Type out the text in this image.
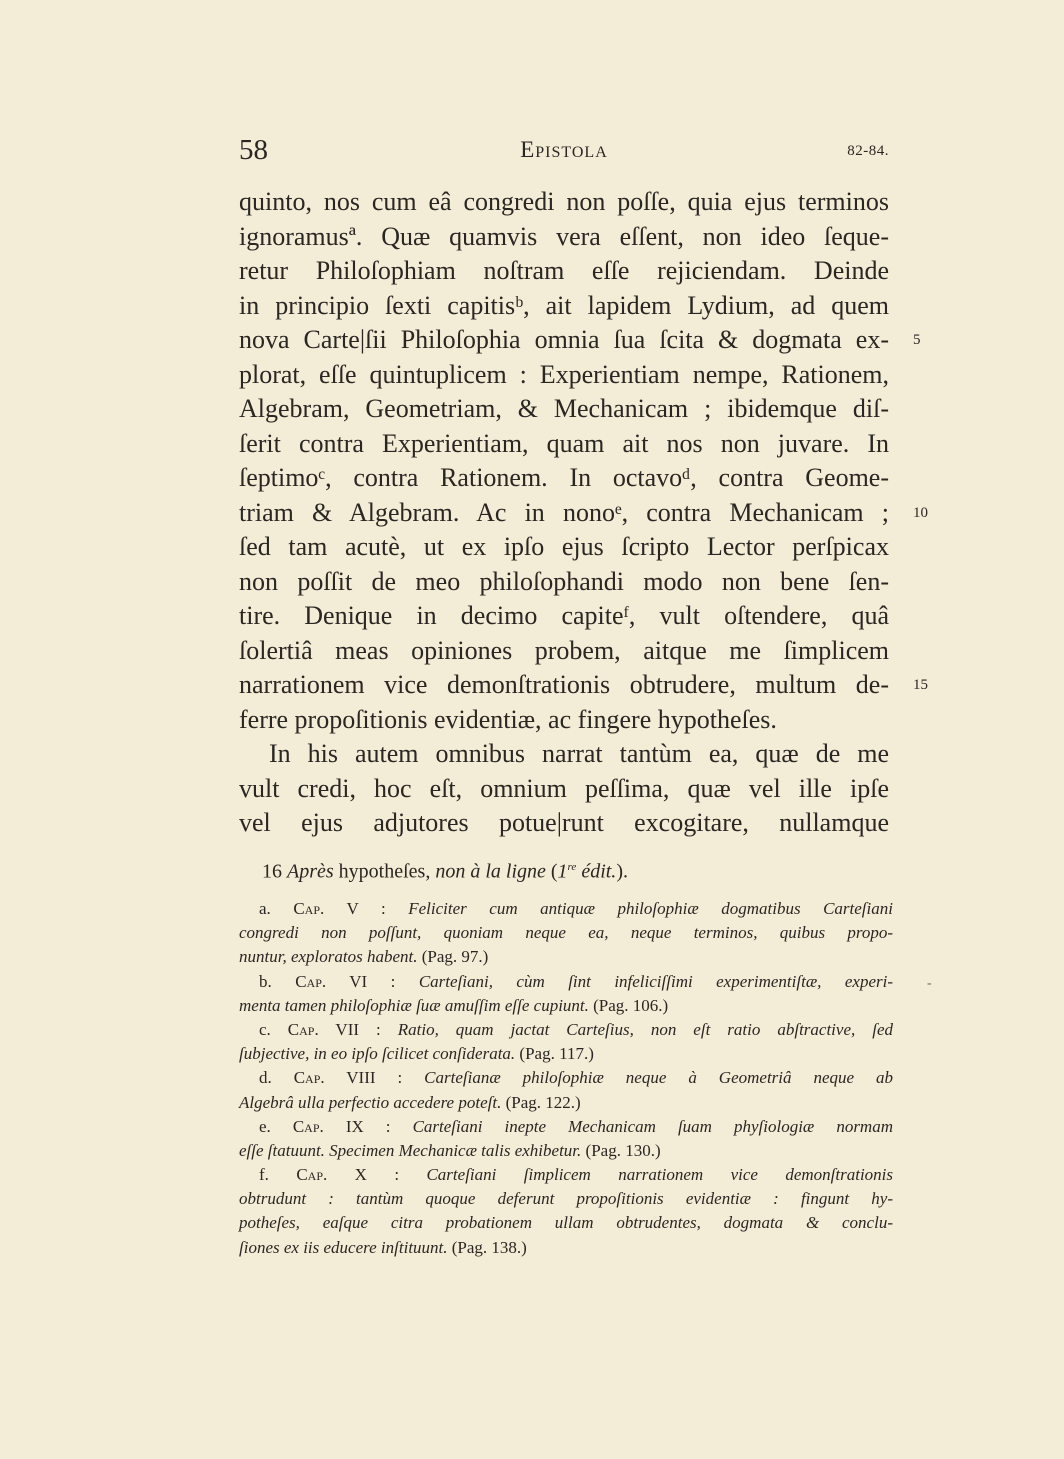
58	Epistola	82-84.
quinto, nos cum eâ congredi non poſſe, quia ejus terminos
ignoramusª. Quæ quamvis vera eſſent, non ideo ſeque-
retur Philoſophiam noſtram eſſe rejiciendam. Deinde
in principio ſexti capitisᵇ, ait lapidem Lydium, ad quem
nova Carte|ſii Philoſophia omnia ſua ſcita & dogmata ex- 5
plorat, eſſe quintuplicem : Experientiam nempe, Rationem,
Algebram, Geometriam, & Mechanicam ; ibidemque diſ-
ſerit contra Experientiam, quam ait nos non juvare. In
ſeptimoᶜ, contra Rationem. In octavoᵈ, contra Geome-
triam & Algebram. Ac in nonoᵉ, contra Mechanicam ; 10
ſed tam acutè, ut ex ipſo ejus ſcripto Lector perſpicax
non poſſit de meo philoſophandi modo non bene ſen-
tire. Denique in decimo capiteᶠ, vult oſtendere, quâ
ſolertiâ meas opiniones probem, aitque me ſimplicem
narrationem vice demonſtrationis obtrudere, multum de- 15
ferre propoſitionis evidentiæ, ac fingere hypotheſes.
In his autem omnibus narrat tantùm ea, quæ de me
vult credi, hoc eſt, omnium peſſima, quæ vel ille ipſe
vel ejus adjutores potue|runt excogitare, nullamque
16 Après hypotheſes, non à la ligne (1re édit.).
a. Cap. V : Feliciter cum antiquæ philoſophiæ dogmatibus Carteſiani
congredi non poſſunt, quoniam neque ea, neque terminos, quibus propo-
nuntur, exploratos habent. (Pag. 97.)
b. Cap. VI : Carteſiani, cùm ſint infeliciſſimi experimentiſtæ, experi-
menta tamen philoſophiæ ſuæ amuſſim eſſe cupiunt. (Pag. 106.)
c. Cap. VII : Ratio, quam jactat Carteſius, non eſt ratio abſtractive, ſed
ſubjective, in eo ipſo ſcilicet conſiderata. (Pag. 117.)
d. Cap. VIII : Carteſianæ philoſophiæ neque à Geometriâ neque ab
Algebrâ ulla perfectio accedere poteſt. (Pag. 122.)
e. Cap. IX : Carteſiani inepte Mechanicam ſuam phyſiologiæ normam
eſſe ſtatuunt. Specimen Mechanicæ talis exhibetur. (Pag. 130.)
f. Cap. X : Carteſiani ſimplicem narrationem vice demonſtrationis
obtrudunt : tantùm quoque deferunt propoſitionis evidentiæ : fingunt hy-
potheſes, eaſque citra probationem ullam obtrudentes, dogmata & conclu-
ſiones ex iis educere inſtituunt. (Pag. 138.)
-
